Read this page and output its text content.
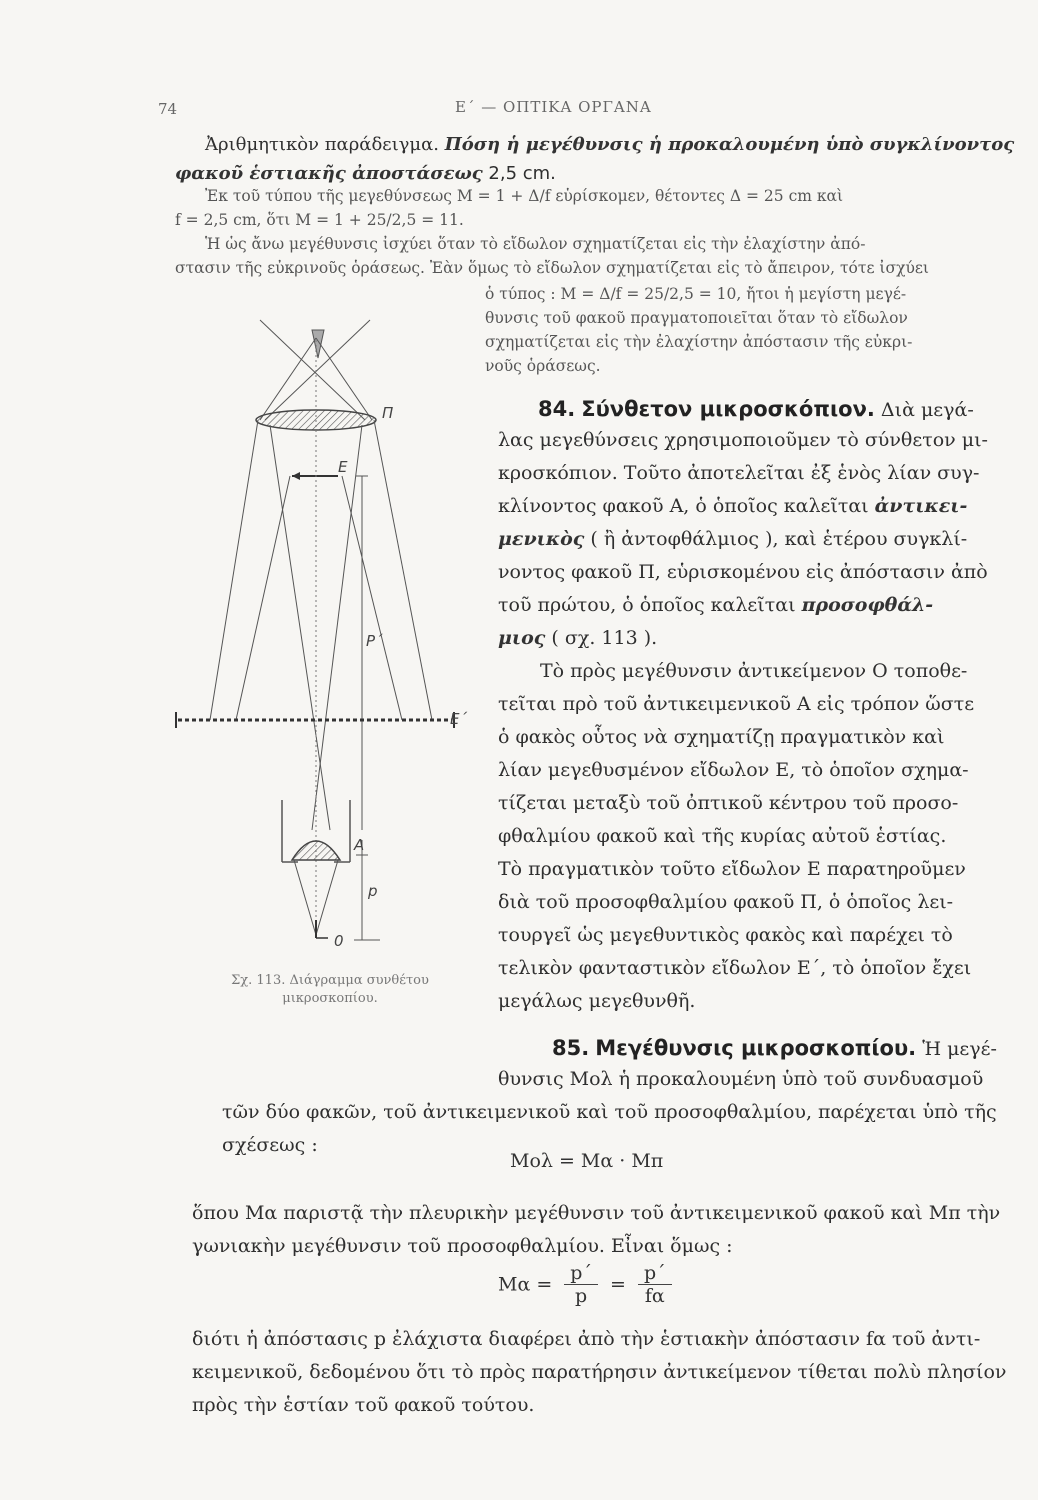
74	Ε΄ — ΟΠΤΙΚΑ ΟΡΓΑΝΑ
Ἀριθμητικὸν παράδειγμα. Πόση ἡ μεγέθυνσις ἡ προκαλουμένη ὑπὸ συγκλίνοντος
φακοῦ ἑστιακῆς ἀποστάσεως 2,5 cm.
Ἐκ τοῦ τύπου τῆς μεγεθύνσεως M = 1 + Δ/f εὑρίσκομεν, θέτοντες Δ = 25 cm καὶ
f = 2,5 cm, ὅτι M = 1 + 25/2,5 = 11.
Ἡ ὡς ἄνω μεγέθυνσις ἰσχύει ὅταν τὸ εἴδωλον σχηματίζεται εἰς τὴν ἐλαχίστην ἀπό-
στασιν τῆς εὐκρινοῦς ὁράσεως. Ἐὰν ὅμως τὸ εἴδωλον σχηματίζεται εἰς τὸ ἄπειρον, τότε ἰσχύει
ὁ τύπος : M = Δ/f = 25/2,5 = 10, ἤτοι ἡ μεγίστη μεγέ-
θυνσις τοῦ φακοῦ πραγματοποιεῖται ὅταν τὸ εἴδωλον
σχηματίζεται εἰς τὴν ἐλαχίστην ἀπόστασιν τῆς εὐκρι-
νοῦς ὁράσεως.
84. Σύνθετον μικροσκόπιον. Διὰ μεγά-
λας μεγεθύνσεις χρησιμοποιοῦμεν τὸ σύνθετον μι-
κροσκόπιον. Τοῦτο ἀποτελεῖται ἐξ ἑνὸς λίαν συγ-
κλίνοντος φακοῦ Α, ὁ ὁποῖος καλεῖται ἀντικει-
μενικὸς ( ἢ ἀντοφθάλμιος ), καὶ ἑτέρου συγκλί-
νοντος φακοῦ Π, εὑρισκομένου εἰς ἀπόστασιν ἀπὸ
τοῦ πρώτου, ὁ ὁποῖος καλεῖται προσοφθάλ-
μιος ( σχ. 113 ).
Τὸ πρὸς μεγέθυνσιν ἀντικείμενον Ο τοποθε-
τεῖται πρὸ τοῦ ἀντικειμενικοῦ Α εἰς τρόπον ὥστε
ὁ φακὸς οὗτος νὰ σχηματίζῃ πραγματικὸν καὶ
λίαν μεγεθυσμένον εἴδωλον Ε, τὸ ὁποῖον σχημα-
τίζεται μεταξὺ τοῦ ὀπτικοῦ κέντρου τοῦ προσο-
φθαλμίου φακοῦ καὶ τῆς κυρίας αὐτοῦ ἑστίας.
Τὸ πραγματικὸν τοῦτο εἴδωλον Ε παρατηροῦμεν
διὰ τοῦ προσοφθαλμίου φακοῦ Π, ὁ ὁποῖος λει-
τουργεῖ ὡς μεγεθυντικὸς φακὸς καὶ παρέχει τὸ
τελικὸν φανταστικὸν εἴδωλον Ε΄, τὸ ὁποῖον ἔχει
μεγάλως μεγεθυνθῆ.
85. Μεγέθυνσις μικροσκοπίου. Ἡ μεγέ-
θυνσις Μολ ἡ προκαλουμένη ὑπὸ τοῦ συνδυασμοῦ
τῶν δύο φακῶν, τοῦ ἀντικειμενικοῦ καὶ τοῦ προσοφθαλμίου, παρέχεται ὑπὸ τῆς
σχέσεως :
Μολ = Μα · Μπ
ὅπου Μα παριστᾷ τὴν πλευρικὴν μεγέθυνσιν τοῦ ἀντικειμενικοῦ φακοῦ καὶ Μπ τὴν
γωνιακὴν μεγέθυνσιν τοῦ προσοφθαλμίου. Εἶναι ὅμως :
$M\alpha = \frac{p΄}{p} = \frac{p΄}{f\alpha}$
διότι ἡ ἀπόστασις p ἐλάχιστα διαφέρει ἀπὸ τὴν ἑστιακὴν ἀπόστασιν fα τοῦ ἀντι-
κειμενικοῦ, δεδομένου ὅτι τὸ πρὸς παρατήρησιν ἀντικείμενον τίθεται πολὺ πλησίον
πρὸς τὴν ἑστίαν τοῦ φακοῦ τούτου.
Π
E
P΄
E΄
A
p
0
Σχ. 113. Διάγραμμα συνθέτου
μικροσκοπίου.
